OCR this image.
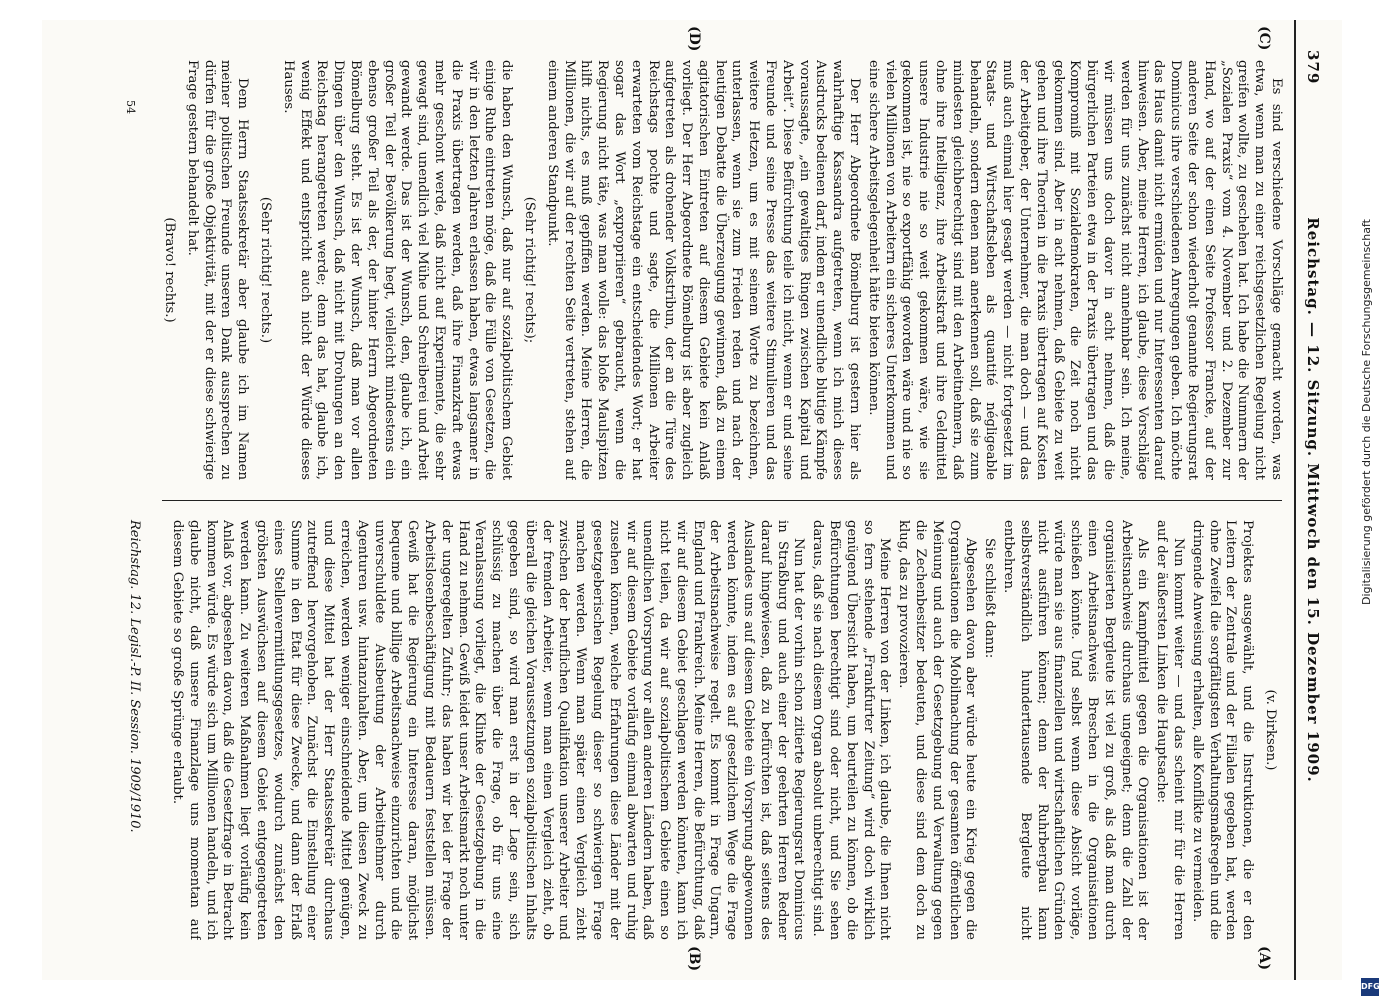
379
Reichstag. — 12. Sitzung. Mittwoch den 15. Dezember 1909.
(C)
(D)
(A)
(B)

Es sind verschiedene Vorschläge gemacht worden, was etwa, wenn man zu einer reichsgesetzlichen Regelung nicht greifen wollte, zu geschehen hat. Ich habe die Nummern der „Sozialen Praxis“ vom 4. November und 2. Dezember zur Hand, wo auf der einen Seite Professor Francke, auf der anderen Seite der schon wiederholt genannte Regierungsrat Dominicus ihre verschiedenen Anregungen geben. Ich möchte das Haus damit nicht ermüden und nur Interessenten darauf hinweisen. Aber, meine Herren, ich glaube, diese Vorschläge werden für uns zunächst nicht annehmbar sein. Ich meine, wir müssen uns doch davor in acht nehmen, daß die bürgerlichen Parteien etwa in der Praxis übertragen und das Kompromiß mit Sozialdemokraten, die Zeit noch nicht gekommen sind. Aber in acht nehmen, daß Gebiete zu weit gehen und ihre Theorien in die Praxis übertragen auf Kosten der Arbeitgeber, der Unternehmer, die man doch — und das muß auch einmal hier gesagt werden — nicht fortgesetzt im Staats- und Wirtschaftsleben als quantité négligeable behandeln, sondern denen man anerkennen soll, daß sie zum mindesten gleichberechtigt sind mit den Arbeitnehmern, daß ohne ihre Intelligenz, ihre Arbeitskraft und ihre Geldmittel unsere Industrie nie so weit gekommen wäre, wie sie gekommen ist, nie so exportfähig geworden wäre und nie so vielen Millionen von Arbeitern ein sicheres Unterkommen und eine sichere Arbeitsgelegenheit hätte bieten können.

Der Herr Abgeordnete Bömelburg ist gestern hier als wahrhaftige Kassandra aufgetreten, wenn ich mich dieses Ausdrucks bedienen darf, indem er unendliche blutige Kämpfe voraussagte, „ein gewaltiges Ringen zwischen Kapital und Arbeit“. Diese Befürchtung teile ich nicht, wenn er und seine Freunde und seine Presse das weitere Stimulieren und das weitere Hetzen, um es mit seinem Worte zu bezeichnen, unterlassen, wenn sie zum Frieden reden und nach der heutigen Debatte die Überzeugung gewinnen, daß zu einem agitatorischen Eintreten auf diesem Gebiete kein Anlaß vorliegt. Der Herr Abgeordnete Bömelburg ist aber zugleich aufgetreten als drohender Volkstribun, der an die Türe des Reichstags pochte und sagte, die Millionen Arbeiter erwarteten vom Reichstage ein entscheidendes Wort; er hat sogar das Wort „expropriieren“ gebraucht, wenn die Regierung nicht täte, was man wolle: das bloße Maulspitzen hilft nichts, es muß gepfiffen werden. Meine Herren, die Millionen, die wir auf der rechten Seite vertreten, stehen auf einem anderen Standpunkt.

(Sehr richtig! rechts);

die haben den Wunsch, daß nur auf sozialpolitischem Gebiet einige Ruhe eintreten möge, daß die Fülle von Gesetzen, die wir in den letzten Jahren erlassen haben, etwas langsamer in die Praxis übertragen werden, daß ihre Finanzkraft etwas mehr geschont werde, daß nicht auf Experimente, die sehr gewagt sind, unendlich viel Mühe und Schreiberei und Arbeit gewandt werde. Das ist der Wunsch, den, glaube ich, ein großer Teil der Bevölkerung hegt, vielleicht mindestens ein ebenso großer Teil als der, der hinter Herrn Abgeordneten Bömelburg steht. Es ist der Wunsch, daß man vor allen Dingen über den Wunsch, daß nicht mit Drohungen an den Reichstag herangetreten werde; denn das hat, glaube ich, wenig Effekt und entspricht auch nicht der Würde dieses Hauses.

(Sehr richtig! rechts.)

Dem Herrn Staatssekretär aber glaube ich im Namen meiner politischen Freunde unseren Dank aussprechen zu dürfen für die große Objektivität, mit der er diese schwierige Frage gestern behandelt hat.

(Bravo! rechts.)

(v. Dirksen.)

Projektes ausgewählt, und die Instruktionen, die er den Leitern der Zentrale und der Filialen gegeben hat, werden ohne Zweifel die sorgfältigsten Verhaltungsmaßregeln und die dringende Anweisung erhalten, alle Konflikte zu vermeiden.

Nun kommt weiter — und das scheint mir für die Herren auf der äußersten Linken die Hauptsache:

Als ein Kampfmittel gegen die Organisationen ist der Arbeitsnachweis durchaus ungeeignet; denn die Zahl der organisierten Bergleute ist viel zu groß, als daß man durch einen Arbeitsnachweis Breschen in die Organisationen schießen könnte. Und selbst wenn diese Absicht vorläge, würde man sie aus finanziellen und wirtschaftlichen Gründen nicht ausführen können; denn der Ruhrbergbau kann selbstverständlich hunderttausende Bergleute nicht entbehren.

Sie schließt dann:

Abgesehen davon aber würde heute ein Krieg gegen die Organisationen die Mobilmachung der gesamten öffentlichen Meinung und auch der Gesetzgebung und Verwaltung gegen die Zechenbesitzer bedeuten, und diese sind dem doch zu klug, das zu provozieren.

Meine Herren von der Linken, ich glaube, die Ihnen nicht so fern stehende „Frankfurter Zeitung“ wird doch wirklich genügend Übersicht haben, um beurteilen zu können, ob die Befürchtungen berechtigt sind oder nicht, und Sie sehen daraus, daß sie nach diesem Organ absolut unberechtigt sind.

Nun hat der vorhin schon zitierte Regierungsrat Dominicus in Straßburg und auch einer der geehrten Herren Redner darauf hingewiesen, daß zu befürchten ist, daß seitens des Auslandes uns auf diesem Gebiete ein Vorsprung abgewonnen werden könnte, indem es auf gesetzlichem Wege die Frage der Arbeitsnachweise regelt. Es kommt in Frage Ungarn, England und Frankreich. Meine Herren, die Befürchtung, daß wir auf diesem Gebiet geschlagen werden könnten, kann ich nicht teilen, da wir auf sozialpolitischem Gebiete einen so unendlichen Vorsprung vor allen anderen Ländern haben, daß wir auf diesem Gebiete vorläufig einmal abwarten und ruhig zusehen können, welche Erfahrungen diese Länder mit der gesetzgeberischen Regelung dieser so schwierigen Frage machen werden. Wenn man später einen Vergleich zieht zwischen der beruflichen Qualifikation unserer Arbeiter und der fremden Arbeiter, wenn man einen Vergleich zieht, ob überall die gleichen Voraussetzungen sozialpolitischen Inhalts gegeben sind, so wird man erst in der Lage sein, sich schlüssig zu machen über die Frage, ob für uns eine Veranlassung vorliegt, die Klinke der Gesetzgebung in die Hand zu nehmen. Gewiß leidet unser Arbeitsmarkt noch unter der ungeregelten Zufuhr; das haben wir bei der Frage der Arbeitslosenbeschäftigung mit Bedauern feststellen müssen. Gewiß hat die Regierung ein Interesse daran, möglichst bequeme und billige Arbeitsnachweise einzurichten und die unverschuldete Ausbeutung der Arbeitnehmer durch Agenturen usw. hintanzuhalten. Aber, um diesen Zweck zu erreichen, werden weniger einschneidende Mittel genügen, und diese Mittel hat der Herr Staatssekretär durchaus zutreffend hervorgehoben. Zunächst die Einstellung einer Summe in den Etat für diese Zwecke, und dann der Erlaß eines Stellenvermittlungsgesetzes, wodurch zunächst den gröbsten Auswüchsen auf diesem Gebiet entgegengetreten werden kann. Zu weiteren Maßnahmen liegt vorläufig kein Anlaß vor, abgesehen davon, daß die Gesetzfrage in Betracht kommen würde. Es würde sich um Millionen handeln, und ich glaube nicht, daß unsere Finanzlage uns momentan auf diesem Gebiete so große Sprünge erlaubt.

Reichstag. 12. Legisl.-P. II. Session. 1909/1910.
54
Digitalisierung gefördert durch die Deutsche Forschungsgemeinschaft
DFG
